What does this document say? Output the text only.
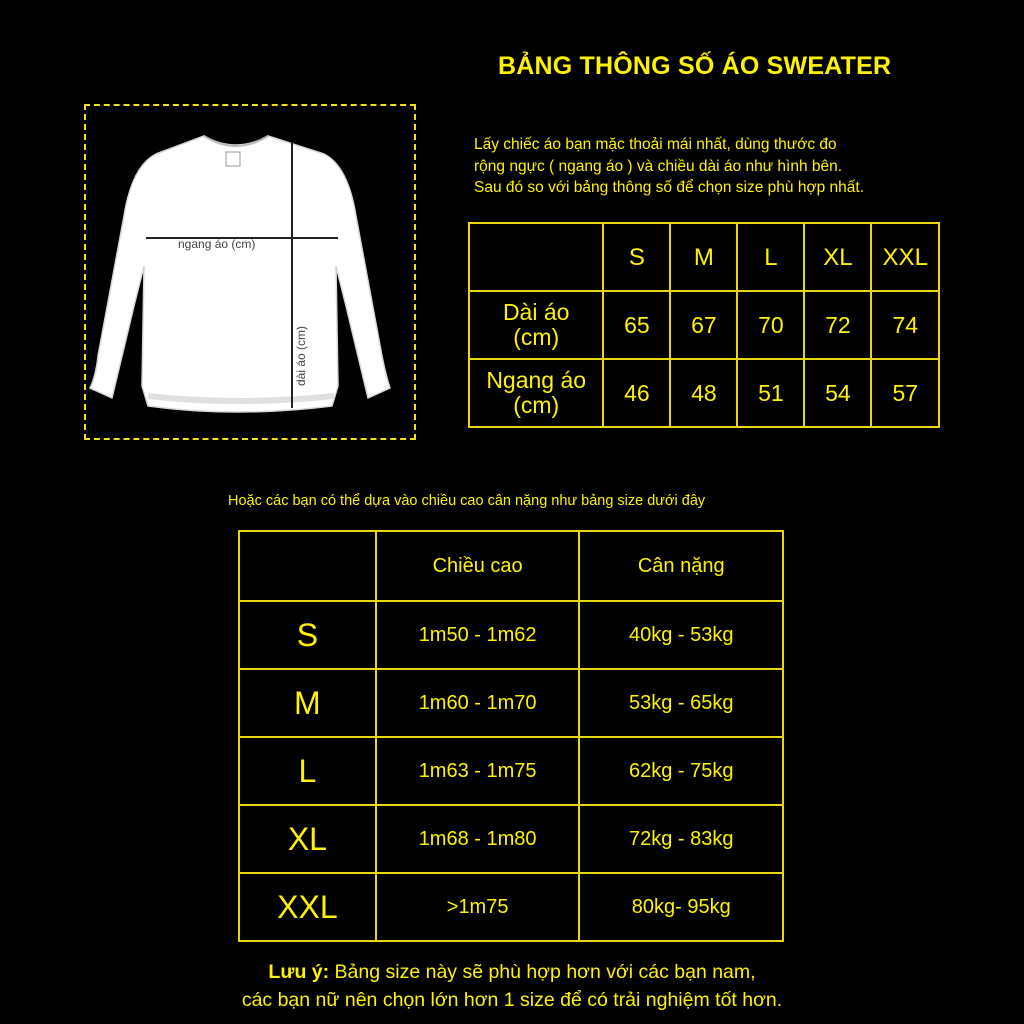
BẢNG THÔNG SỐ ÁO SWEATER
Lấy chiếc áo bạn mặc thoải mái nhất, dùng thước đo
rộng ngực ( ngang áo ) và chiều dài áo như hình bên.
Sau đó so với bảng thông số để chọn size phù hợp nhất.
ngang áo (cm)
dài áo (cm)
	S	M	L	XL	XXL

Dài áo
(cm)	65	67	70	72	74

Ngang áo
(cm)	46	48	51	54	57
Hoặc các bạn có thể dựa vào chiều cao cân nặng như bảng size dưới đây
	Chiều cao	Cân nặng
S	1m50 - 1m62	40kg - 53kg
M	1m60 - 1m70	53kg - 65kg
L	1m63 - 1m75	62kg - 75kg
XL	1m68 - 1m80	72kg - 83kg
XXL	>1m75	80kg- 95kg
Lưu ý: Bảng size này sẽ phù hợp hơn với các bạn nam,
các bạn nữ nên chọn lớn hơn 1 size để có trải nghiệm tốt hơn.
